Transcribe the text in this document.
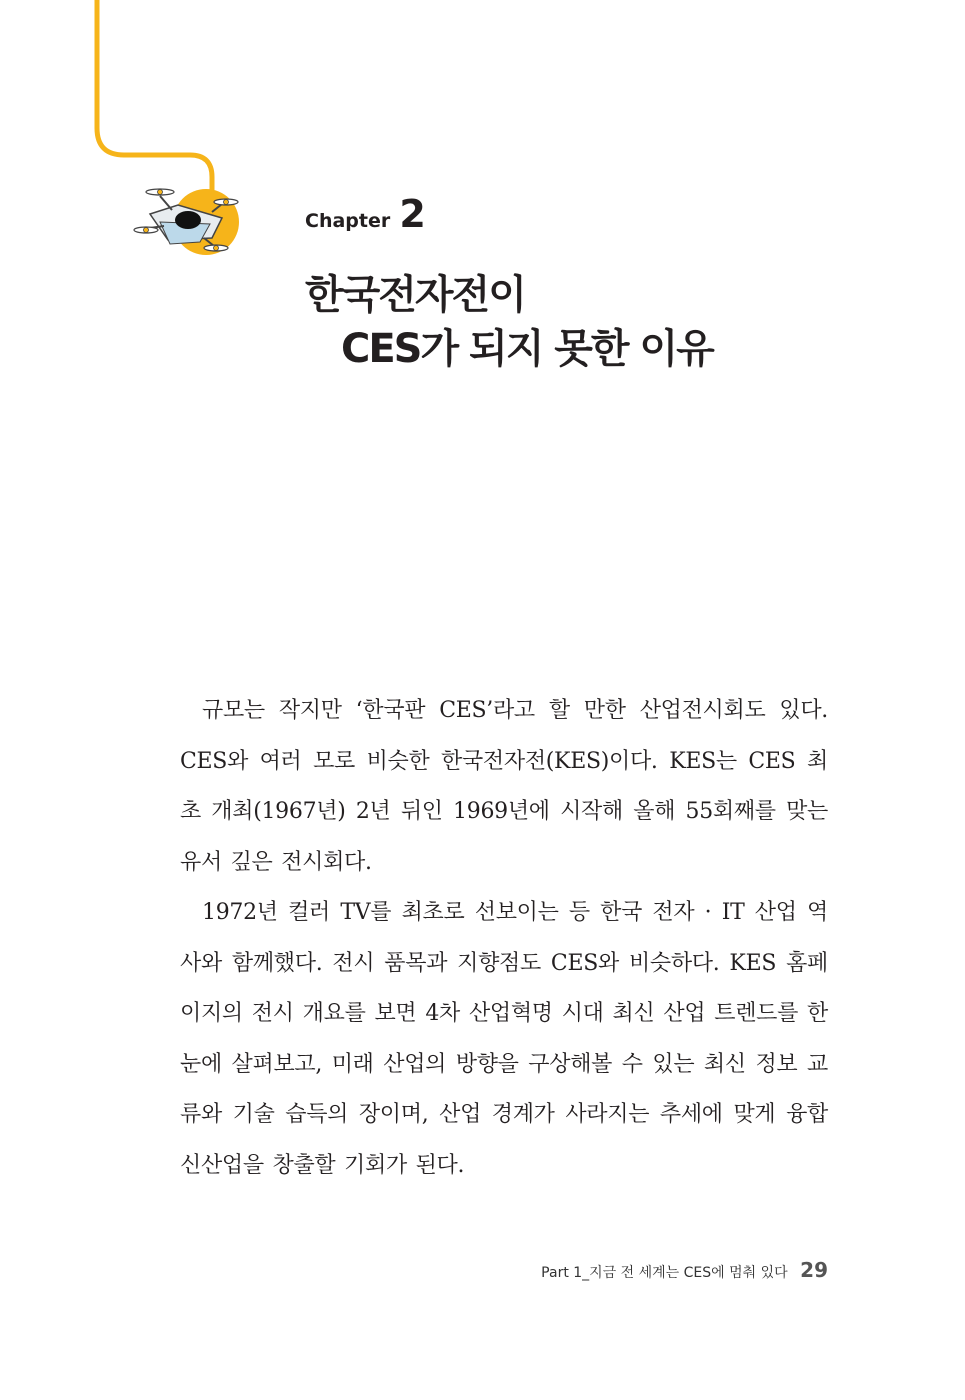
Chapter 2
한국전자전이
CES가 되지 못한 이유

규모는 작지만 ‘한국판 CES’라고 할 만한 산업전시회도 있다. CES와 여러 모로 비슷한 한국전자전(KES)이다. KES는 CES 최초 개최(1967년) 2년 뒤인 1969년에 시작해 올해 55회째를 맞는 유서 깊은 전시회다.

1972년 컬러 TV를 최초로 선보이는 등 한국 전자 · IT 산업 역사와 함께했다. 전시 품목과 지향점도 CES와 비슷하다. KES 홈페이지의 전시 개요를 보면 4차 산업혁명 시대 최신 산업 트렌드를 한눈에 살펴보고, 미래 산업의 방향을 구상해볼 수 있는 최신 정보 교류와 기술 습득의 장이며, 산업 경계가 사라지는 추세에 맞게 융합 신산업을 창출할 기회가 된다.

Part 1_지금 전 세계는 CES에 멈춰 있다 29
